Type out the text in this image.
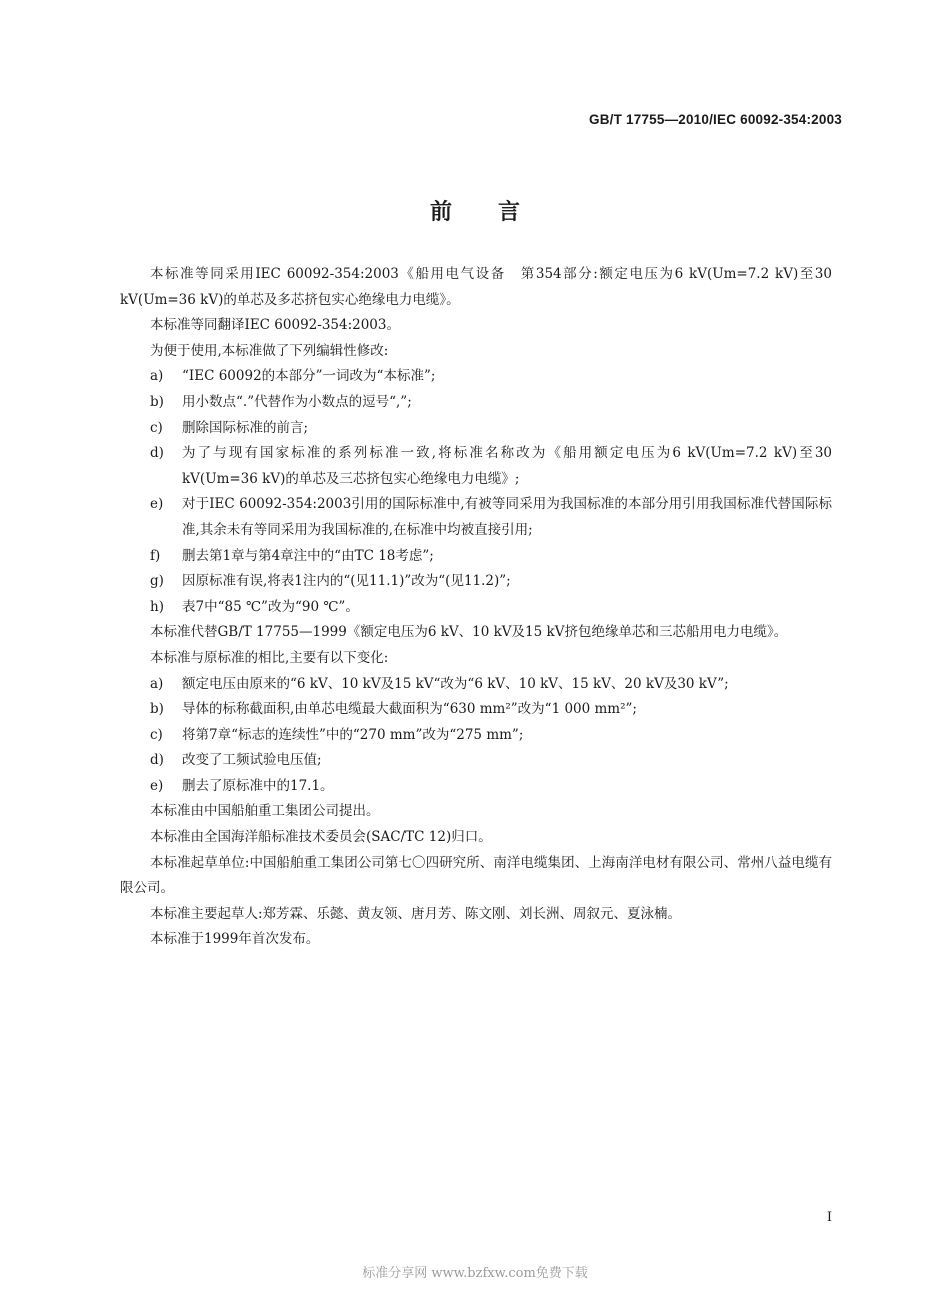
GB/T 17755—2010/IEC 60092-354:2003
前言

本标准等同采用IEC 60092-354:2003《船用电气设备　第354部分:额定电压为6 kV(Um=7.2 kV)至30 kV(Um=36 kV)的单芯及多芯挤包实心绝缘电力电缆》。

本标准等同翻译IEC 60092-354:2003。

为便于使用,本标准做了下列编辑性修改:

a)	“IEC 60092的本部分”一词改为“本标准”;
b)	用小数点“.”代替作为小数点的逗号“,”;
c)	删除国际标准的前言;
d)	为了与现有国家标准的系列标准一致,将标准名称改为《船用额定电压为6 kV(Um=7.2 kV)至30 kV(Um=36 kV)的单芯及三芯挤包实心绝缘电力电缆》;
e)	对于IEC 60092-354:2003引用的国际标准中,有被等同采用为我国标准的本部分用引用我国标准代替国际标准,其余未有等同采用为我国标准的,在标准中均被直接引用;
f)	删去第1章与第4章注中的“由TC 18考虑”;
g)	因原标准有误,将表1注内的“(见11.1)”改为“(见11.2)”;
h)	表7中“85 ℃”改为“90 ℃”。

本标准代替GB/T 17755—1999《额定电压为6 kV、10 kV及15 kV挤包绝缘单芯和三芯船用电力电缆》。

本标准与原标准的相比,主要有以下变化:

a)	额定电压由原来的“6 kV、10 kV及15 kV“改为“6 kV、10 kV、15 kV、20 kV及30 kV”;
b)	导体的标称截面积,由单芯电缆最大截面积为“630 mm²”改为“1 000 mm²”;
c)	将第7章“标志的连续性”中的“270 mm”改为“275 mm”;
d)	改变了工频试验电压值;
e)	删去了原标准中的17.1。

本标准由中国船舶重工集团公司提出。

本标准由全国海洋船标准技术委员会(SAC/TC 12)归口。

本标准起草单位:中国船舶重工集团公司第七〇四研究所、南洋电缆集团、上海南洋电材有限公司、常州八益电缆有限公司。

本标准主要起草人:郑芳霖、乐懿、黄友领、唐月芳、陈文刚、刘长洲、周叙元、夏泳楠。

本标准于1999年首次发布。

I
标准分享网 www.bzfxw.com免费下载
